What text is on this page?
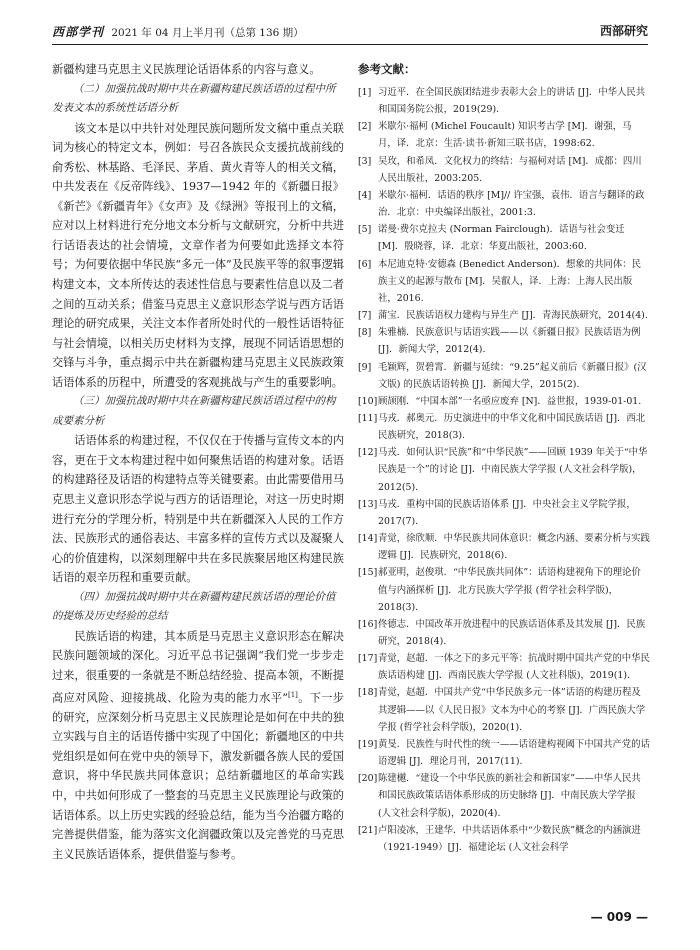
西部学刊 2021 年 04 月上半月刊（总第 136 期）	西部研究

新疆构建马克思主义民族理论话语体系的内容与意义。

（二）加强抗战时期中共在新疆构建民族话语的过程中所发表文本的系统性话语分析

该文本是以中共针对处理民族问题所发文稿中重点关联词为核心的特定文本，例如：号召各族民众支援抗战前线的俞秀松、林基路、毛泽民、茅盾、黄火青等人的相关文稿，中共发表在《反帝阵线》、1937—1942 年的《新疆日报》《新芒》《新疆青年》《女声》及《绿洲》等报刊上的文稿，应对以上材料进行充分地文本分析与文献研究，分析中共进行话语表达的社会情境，文章作者为何要如此选择文本符号；为何要依据中华民族“多元一体”及民族平等的叙事逻辑构建文本，文本所传达的表述性信息与要素性信息以及二者之间的互动关系；借鉴马克思主义意识形态学说与西方话语理论的研究成果，关注文本作者所处时代的一般性话语特征与社会情境，以相关历史材料为支撑，展现不同话语思想的交锋与斗争，重点揭示中共在新疆构建马克思主义民族政策话语体系的历程中，所遭受的客观挑战与产生的重要影响。

（三）加强抗战时期中共在新疆构建民族话语过程中的构成要素分析

话语体系的构建过程，不仅仅在于传播与宣传文本的内容，更在于文本构建过程中如何聚焦话语的构建对象。话语的构建路径及话语的构建特点等关键要素。由此需要借用马克思主义意识形态学说与西方的话语理论，对这一历史时期进行充分的学理分析，特别是中共在新疆深入人民的工作方法、民族形式的通俗表达、丰富多样的宣传方式以及凝聚人心的价值建构，以深刻理解中共在多民族聚居地区构建民族话语的艰辛历程和重要贡献。

（四）加强抗战时期中共在新疆构建民族话语的理论价值的提炼及历史经验的总结

民族话语的构建，其本质是马克思主义意识形态在解决民族问题领域的深化。习近平总书记强调“我们党一步步走过来，很重要的一条就是不断总结经验、提高本领，不断提高应对风险、迎接挑战、化险为夷的能力水平”[1]。下一步的研究，应深刻分析马克思主义民族理论是如何在中共的独立实践与自主的话语传播中实现了中国化；新疆地区的中共党组织是如何在党中央的领导下，激发新疆各族人民的爱国意识，将中华民族共同体意识；总结新疆地区的革命实践中，中共如何形成了一整套的马克思主义民族理论与政策的话语体系。以上历史实践的经验总结，能为当今治疆方略的完善提供借鉴，能为落实文化润疆政策以及完善党的马克思主义民族话语体系，提供借鉴与参考。

参考文献：

[1] 习近平．在全国民族团结进步表彰大会上的讲话 [J]．中华人民共和国国务院公报，2019(29).
[2] 米歇尔·福柯 (Michel Foucault) 知识考古学 [M]．谢强，马月，译．北京：生活·读书·新知三联书店，1998:62.
[3] 吴玫，和希凤．文化权力的终结：与福柯对话 [M]．成都：四川人民出版社，2003:205.
[4] 米歇尔·福柯．话语的秩序 [M]// 许宝强，袁伟．语言与翻译的政治．北京：中央编译出版社，2001:3.
[5] 诺曼·费尔克拉夫 (Norman Fairclough)．话语与社会变迁 [M]．殷晓蓉，译．北京：华夏出版社，2003:60.
[6] 本尼迪克特·安德森 (Benedict Anderson)．想象的共同体：民族主义的起源与散布 [M]．吴叡人，译．上海：上海人民出版社，2016.
[7] 蒲宝．民族话语权力建构与异生产 [J]．青海民族研究，2014(4).
[8] 朱雅楠．民族意识与话语实践——以《新疆日报》民族话语为例 [J]．新闻大学，2012(4).
[9] 毛颖辉，贺碧霄．新疆与延续：“9.25”起义前后《新疆日报》(汉文版) 的民族话语转换 [J]．新闻大学，2015(2).
[10]顾颉刚．“中国本部”一名亟应废弃 [N]．益世报，1939-01-01.
[11]马戎．郝奥元．历史演进中的中华文化和中国民族话语 [J]．西北民族研究，2018(3).
[12]马戎．如何认识“民族”和“中华民族”——回顾 1939 年关于“中华民族是一个”的讨论 [J]．中南民族大学学报 (人文社会科学版)，2012(5).
[13]马戎．重构中国的民族话语体系 [J]．中央社会主义学院学报，2017(7).
[14]青觉，徐欣顺．中华民族共同体意识：概念内涵、要素分析与实践逻辑 [J]．民族研究，2018(6).
[15]郝亚明，赵俊琪．“中华民族共同体”：话语构建视角下的理论价值与内涵探析 [J]．北方民族大学学报 (哲学社会科学版)，2018(3).
[16]佟德志．中国改革开放进程中的民族话语体系及其发展 [J]．民族研究，2018(4).
[17]青觉，赵超．一体之下的多元平等：抗战时期中国共产党的中华民族话语构建 [J]．西南民族大学学报 (人文社科版)，2019(1).
[18]青觉，赵超．中国共产党“中华民族多元一体”话语的构建历程及其逻辑——以《人民日报》文本为中心的考察 [J]．广西民族大学学报 (哲学社会科学版)，2020(1).
[19]黄旻．民族性与时代性的统一——话语建构视阈下中国共产党的话语逻辑 [J]．理论月刊，2017(11).
[20]陈建樾．“建设一个中华民族的新社会和新国家”——中华人民共和国民族政策话语体系形成的历史脉络 [J]．中南民族大学学报 (人文社会科学版)，2020(4).
[21]卢阳凌冰，王建华．中共话语体系中“少数民族”概念的内涵演进（1921-1949）[J]．福建论坛 (人文社会科学
— 009 —
